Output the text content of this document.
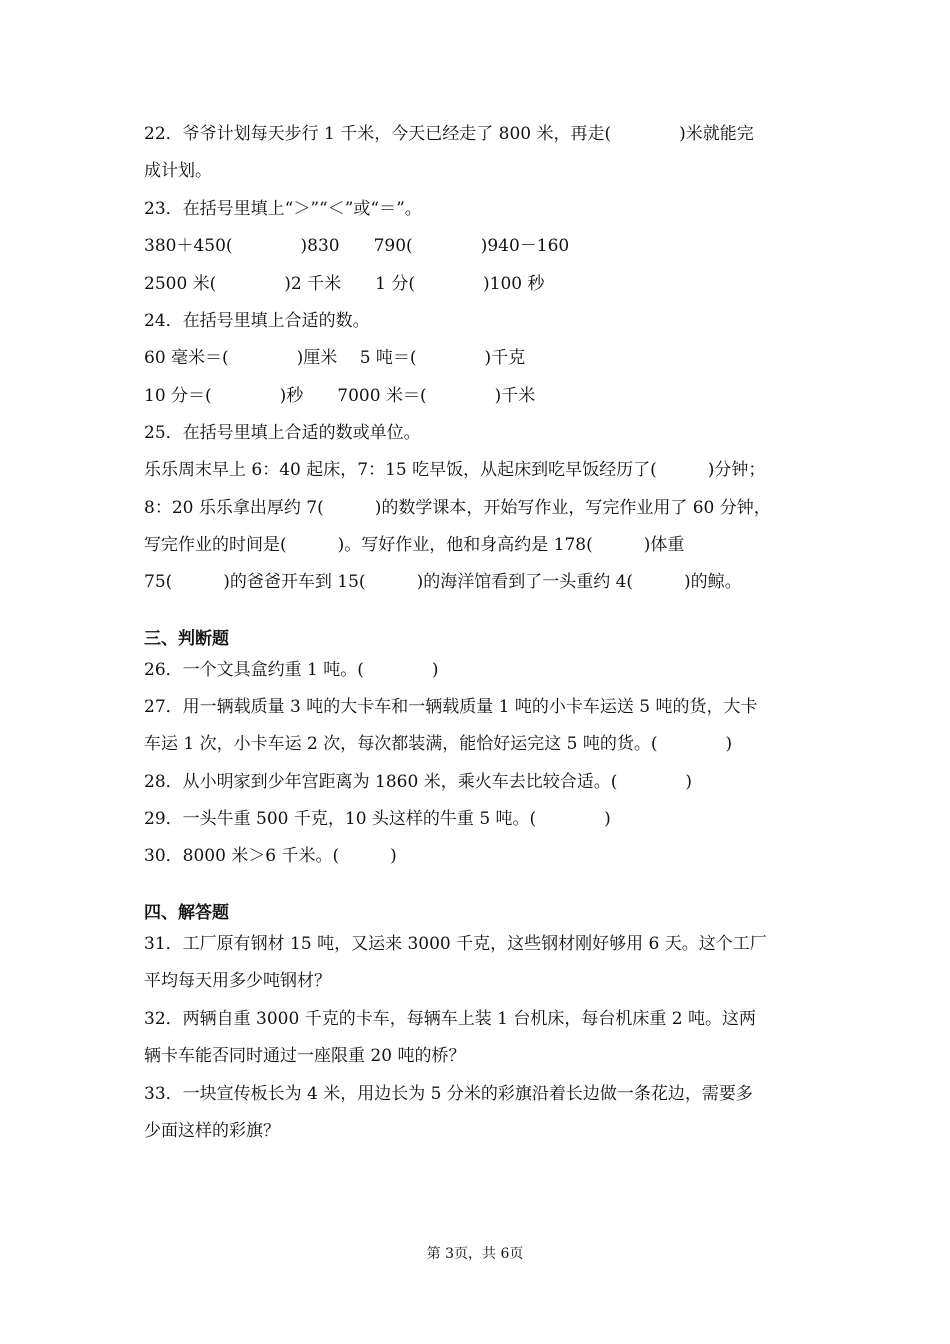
22．爷爷计划每天步行 1 千米，今天已经走了 800 米，再走(　　　　)米就能完
成计划。
23．在括号里填上“＞”“＜”或“＝”。
380＋450(　　　　)830　　790(　　　　)940－160
2500 米(　　　　)2 千米　　1 分(　　　　)100 秒
24．在括号里填上合适的数。
60 毫米＝(　　　　)厘米　 5 吨＝(　　　　)千克
10 分＝(　　　　)秒　　7000 米＝(　　　　)千米
25．在括号里填上合适的数或单位。
乐乐周末早上 6：40 起床，7：15 吃早饭，从起床到吃早饭经历了(　　　)分钟；
8：20 乐乐拿出厚约 7(　　　)的数学课本，开始写作业，写完作业用了 60 分钟，
写完作业的时间是(　　　)。写好作业，他和身高约是 178(　　　)体重
75(　　　)的爸爸开车到 15(　　　)的海洋馆看到了一头重约 4(　　　)的鲸。
三、判断题
26．一个文具盒约重 1 吨。(　　　　)
27．用一辆载质量 3 吨的大卡车和一辆载质量 1 吨的小卡车运送 5 吨的货，大卡
车运 1 次，小卡车运 2 次，每次都装满，能恰好运完这 5 吨的货。(　　　　)
28．从小明家到少年宫距离为 1860 米，乘火车去比较合适。(　　　　)
29．一头牛重 500 千克，10 头这样的牛重 5 吨。(　　　　)
30．8000 米＞6 千米。(　　　)
四、解答题
31．工厂原有钢材 15 吨，又运来 3000 千克，这些钢材刚好够用 6 天。这个工厂
平均每天用多少吨钢材？
32．两辆自重 3000 千克的卡车，每辆车上装 1 台机床，每台机床重 2 吨。这两
辆卡车能否同时通过一座限重 20 吨的桥？
33．一块宣传板长为 4 米，用边长为 5 分米的彩旗沿着长边做一条花边，需要多
少面这样的彩旗？
第 3页，共 6页
